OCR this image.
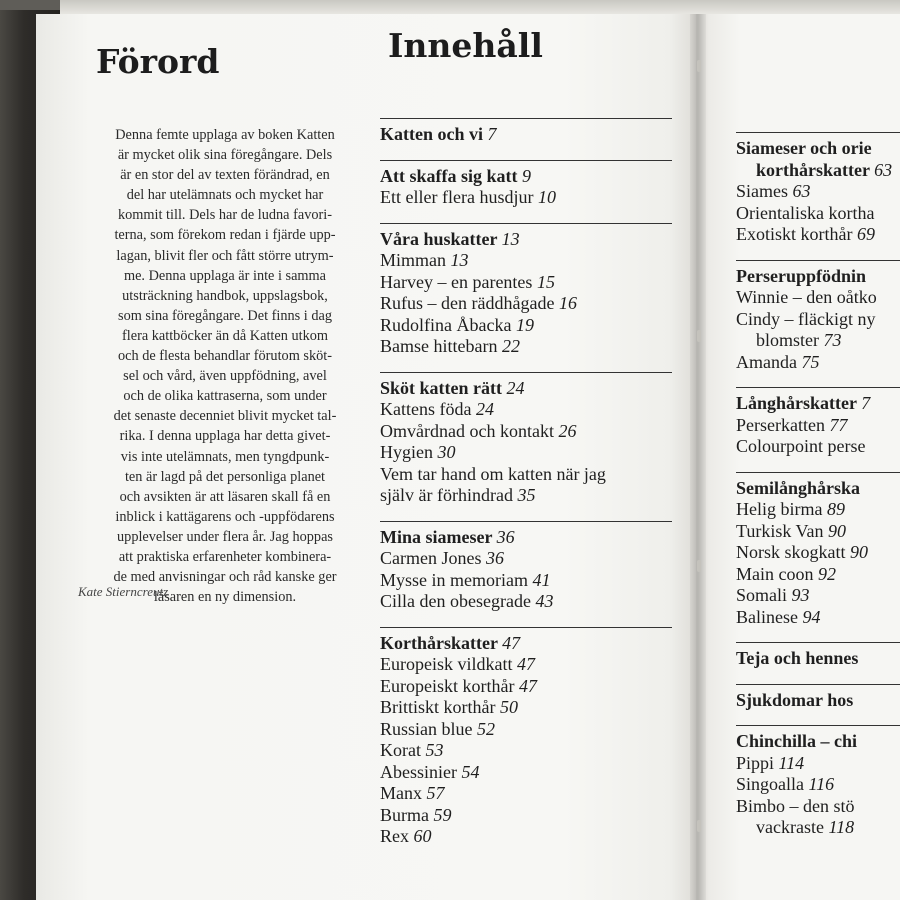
Siameser och orie
korthårskatter 63
Siames 63
Orientaliska kortha
Exotiskt korthår 69
Perseruppfödnin
Winnie – den oåtko
Cindy – fläckigt ny
blomster 73
Amanda 75
Långhårskatter 7
Perserkatten 77
Colourpoint perse
Semilånghårska
Helig birma 89
Turkisk Van 90
Norsk skogkatt 90
Main coon 92
Somali 93
Balinese 94
Teja och hennes
Sjukdomar hos
Chinchilla – chi
Pippi 114
Singoalla 116
Bimbo – den stö
vackraste 118
Förord

Denna femte upplaga av boken Katten
är mycket olik sina föregångare. Dels
är en stor del av texten förändrad, en
del har utelämnats och mycket har
kommit till. Dels har de ludna favori-
terna, som förekom redan i fjärde upp-
lagan, blivit fler och fått större utrym-
me. Denna upplaga är inte i samma
utsträckning handbok, uppslagsbok,
som sina föregångare. Det finns i dag
flera kattböcker än då Katten utkom
och de flesta behandlar förutom sköt-
sel och vård, även uppfödning, avel
och de olika kattraserna, som under
det senaste decenniet blivit mycket tal-
rika. I denna upplaga har detta givet-
vis inte utelämnats, men tyngdpunk-
ten är lagd på det personliga planet
och avsikten är att läsaren skall få en
inblick i kattägarens och -uppfödarens
upplevelser under flera år. Jag hoppas
att praktiska erfarenheter kombinera-
de med anvisningar och råd kanske ger
läsaren en ny dimension.

Kate Stierncreutz

Innehåll
Katten och vi 7
Att skaffa sig katt 9
Ett eller flera husdjur 10
Våra huskatter 13
Mimman 13
Harvey – en parentes 15
Rufus – den räddhågade 16
Rudolfina Åbacka 19
Bamse hittebarn 22
Sköt katten rätt 24
Kattens föda 24
Omvårdnad och kontakt 26
Hygien 30
Vem tar hand om katten när jag
själv är förhindrad 35
Mina siameser 36
Carmen Jones 36
Mysse in memoriam 41
Cilla den obesegrade 43
Korthårskatter 47
Europeisk vildkatt 47
Europeiskt korthår 47
Brittiskt korthår 50
Russian blue 52
Korat 53
Abessinier 54
Manx 57
Burma 59
Rex 60
